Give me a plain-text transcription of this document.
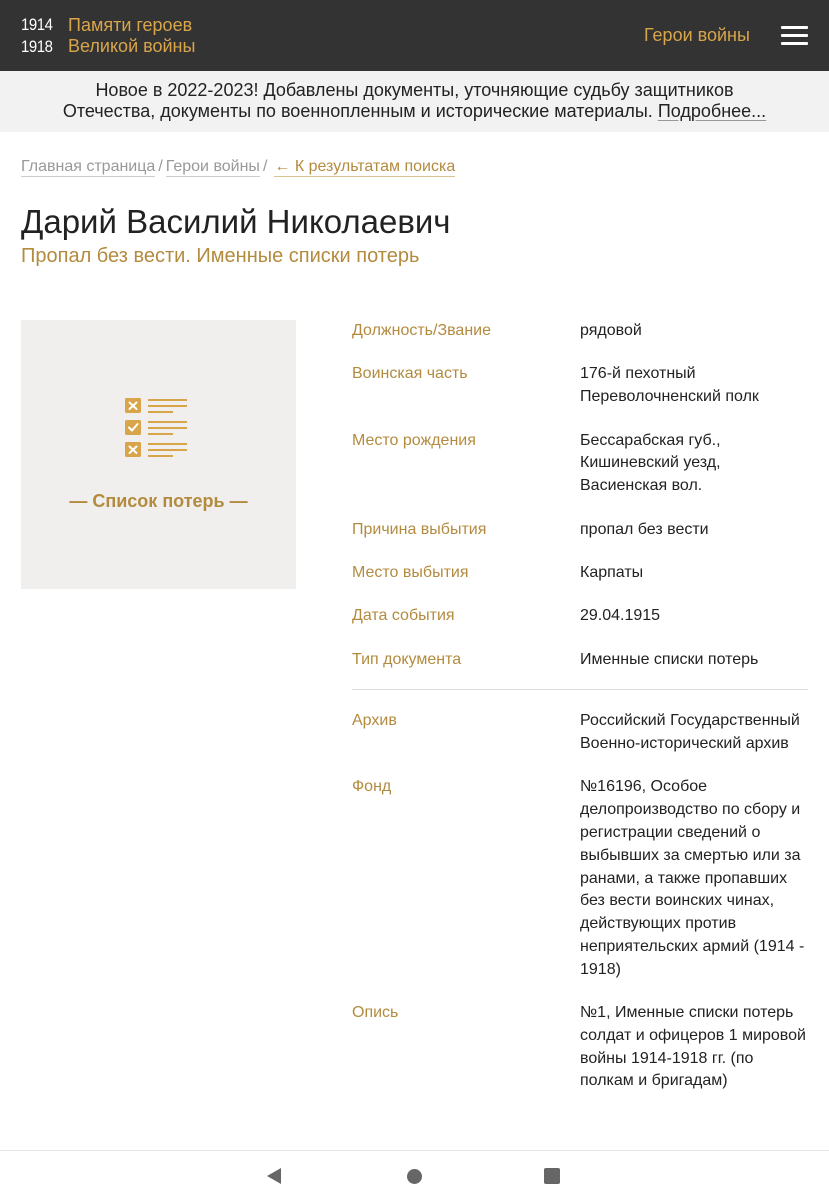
1914
1918
Памяти героев
Великой войны
Герои войны
Новое в 2022-2023! Добавлены документы, уточняющие судьбу защитников
Отечества, документы по военнопленным и исторические материалы. Подробнее...
Главная страница / Герои войны / ← К результатам поиска
Дарий Василий Николаевич
Пропал без вести. Именные списки потерь
— Список потерь —
Должность/Звание	рядовой
Воинская часть	176-й пехотный Переволочненский полк
Место рождения	Бессарабская губ., Кишиневский уезд, Васиенская вол.
Причина выбытия	пропал без вести
Место выбытия	Карпаты
Дата события	29.04.1915
Тип документа	Именные списки потерь
Архив	Российский Государственный Военно-исторический архив
Фонд	№16196, Особое делопроизводство по сбору и регистрации сведений о выбывших за смертью или за ранами, а также пропавших без вести воинских чинах, действующих против неприятельских армий (1914 - 1918)
Опись	№1, Именные списки потерь солдат и офицеров 1 мировой войны 1914-1918 гг. (по полкам и бригадам)
